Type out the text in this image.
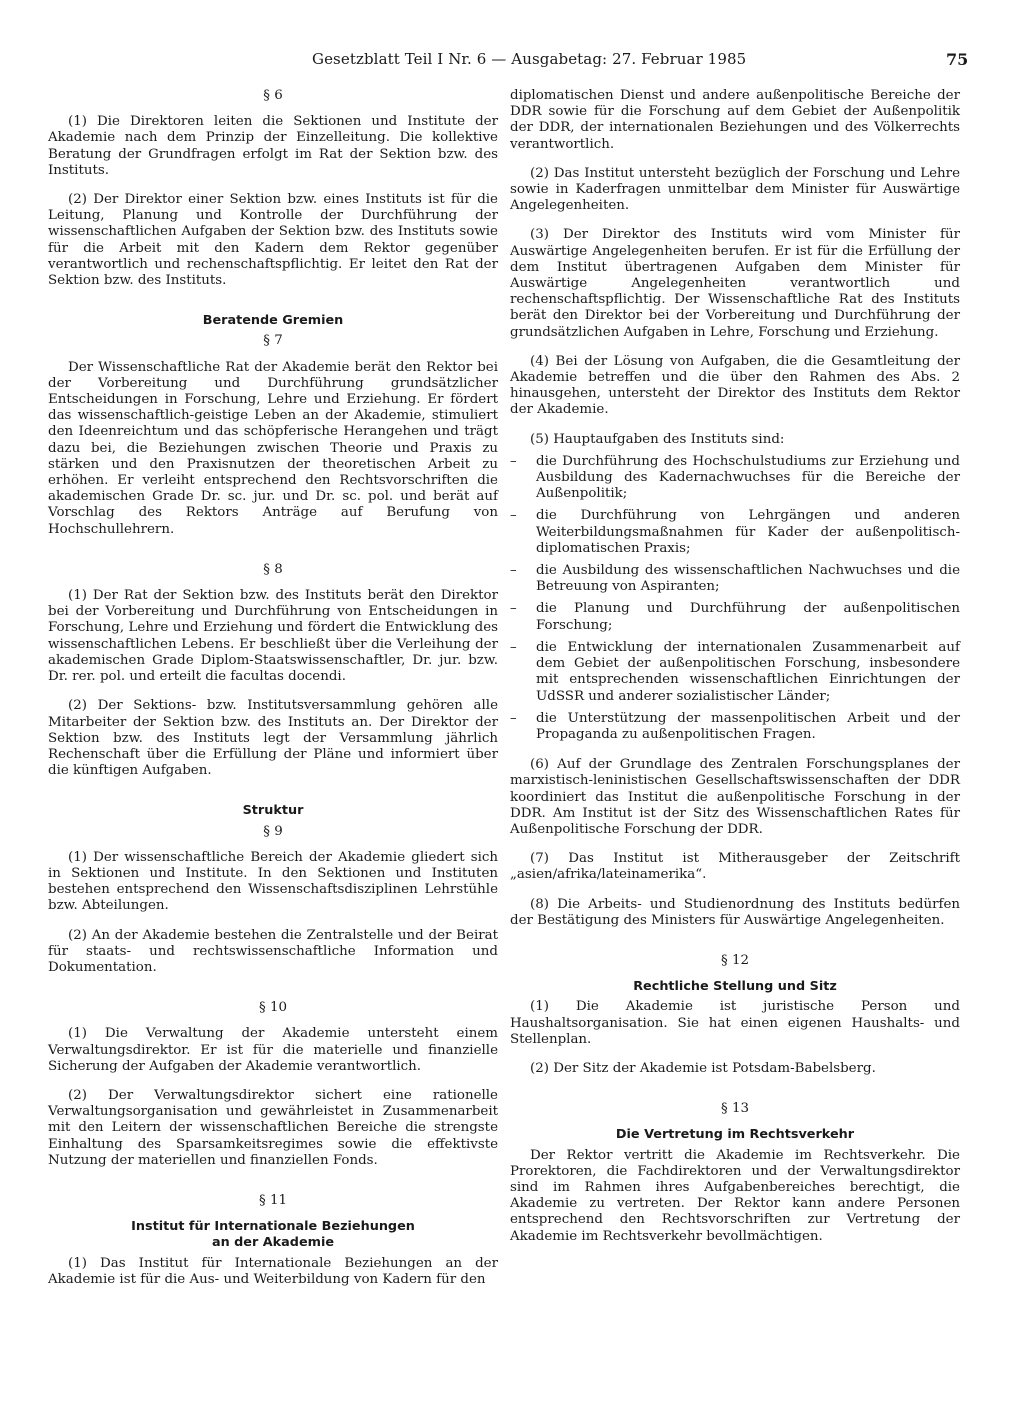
Gesetzblatt Teil I Nr. 6 — Ausgabetag: 27. Februar 1985	75
§ 6

(1) Die Direktoren leiten die Sektionen und Institute der Akademie nach dem Prinzip der Einzelleitung. Die kollektive Beratung der Grundfragen erfolgt im Rat der Sektion bzw. des Instituts.

(2) Der Direktor einer Sektion bzw. eines Instituts ist für die Leitung, Planung und Kontrolle der Durchführung der wissenschaftlichen Aufgaben der Sektion bzw. des Instituts sowie für die Arbeit mit den Kadern dem Rektor gegenüber verantwortlich und rechenschaftspflichtig. Er leitet den Rat der Sektion bzw. des Instituts.

Beratende Gremien
§ 7

Der Wissenschaftliche Rat der Akademie berät den Rektor bei der Vorbereitung und Durchführung grundsätzlicher Entscheidungen in Forschung, Lehre und Erziehung. Er fördert das wissenschaftlich-geistige Leben an der Akademie, stimuliert den Ideenreichtum und das schöpferische Herangehen und trägt dazu bei, die Beziehungen zwischen Theorie und Praxis zu stärken und den Praxisnutzen der theoretischen Arbeit zu erhöhen. Er verleiht entsprechend den Rechtsvorschriften die akademischen Grade Dr. sc. jur. und Dr. sc. pol. und berät auf Vorschlag des Rektors Anträge auf Berufung von Hochschullehrern.

§ 8

(1) Der Rat der Sektion bzw. des Instituts berät den Direktor bei der Vorbereitung und Durchführung von Entscheidungen in Forschung, Lehre und Erziehung und fördert die Entwicklung des wissenschaftlichen Lebens. Er beschließt über die Verleihung der akademischen Grade Diplom-Staatswissenschaftler, Dr. jur. bzw. Dr. rer. pol. und erteilt die facultas docendi.

(2) Der Sektions- bzw. Institutsversammlung gehören alle Mitarbeiter der Sektion bzw. des Instituts an. Der Direktor der Sektion bzw. des Instituts legt der Versammlung jährlich Rechenschaft über die Erfüllung der Pläne und informiert über die künftigen Aufgaben.

Struktur
§ 9

(1) Der wissenschaftliche Bereich der Akademie gliedert sich in Sektionen und Institute. In den Sektionen und Instituten bestehen entsprechend den Wissenschaftsdisziplinen Lehrstühle bzw. Abteilungen.

(2) An der Akademie bestehen die Zentralstelle und der Beirat für staats- und rechtswissenschaftliche Information und Dokumentation.

§ 10

(1) Die Verwaltung der Akademie untersteht einem Verwaltungsdirektor. Er ist für die materielle und finanzielle Sicherung der Aufgaben der Akademie verantwortlich.

(2) Der Verwaltungsdirektor sichert eine rationelle Verwaltungsorganisation und gewährleistet in Zusammenarbeit mit den Leitern der wissenschaftlichen Bereiche die strengste Einhaltung des Sparsamkeitsregimes sowie die effektivste Nutzung der materiellen und finanziellen Fonds.

§ 11
Institut für Internationale Beziehungen
an der Akademie

(1) Das Institut für Internationale Beziehungen an der Akademie ist für die Aus- und Weiterbildung von Kadern für den

diplomatischen Dienst und andere außenpolitische Bereiche der DDR sowie für die Forschung auf dem Gebiet der Außenpolitik der DDR, der internationalen Beziehungen und des Völkerrechts verantwortlich.

(2) Das Institut untersteht bezüglich der Forschung und Lehre sowie in Kaderfragen unmittelbar dem Minister für Auswärtige Angelegenheiten.

(3) Der Direktor des Instituts wird vom Minister für Auswärtige Angelegenheiten berufen. Er ist für die Erfüllung der dem Institut übertragenen Aufgaben dem Minister für Auswärtige Angelegenheiten verantwortlich und rechenschaftspflichtig. Der Wissenschaftliche Rat des Instituts berät den Direktor bei der Vorbereitung und Durchführung der grundsätzlichen Aufgaben in Lehre, Forschung und Erziehung.

(4) Bei der Lösung von Aufgaben, die die Gesamtleitung der Akademie betreffen und die über den Rahmen des Abs. 2 hinausgehen, untersteht der Direktor des Instituts dem Rektor der Akademie.

(5) Hauptaufgaben des Instituts sind:

– die Durchführung des Hochschulstudiums zur Erziehung und Ausbildung des Kadernachwuchses für die Bereiche der Außenpolitik;
– die Durchführung von Lehrgängen und anderen Weiterbildungsmaßnahmen für Kader der außenpolitisch-diplomatischen Praxis;
– die Ausbildung des wissenschaftlichen Nachwuchses und die Betreuung von Aspiranten;
– die Planung und Durchführung der außenpolitischen Forschung;
– die Entwicklung der internationalen Zusammenarbeit auf dem Gebiet der außenpolitischen Forschung, insbesondere mit entsprechenden wissenschaftlichen Einrichtungen der UdSSR und anderer sozialistischer Länder;
– die Unterstützung der massenpolitischen Arbeit und der Propaganda zu außenpolitischen Fragen.

(6) Auf der Grundlage des Zentralen Forschungsplanes der marxistisch-leninistischen Gesellschaftswissenschaften der DDR koordiniert das Institut die außenpolitische Forschung in der DDR. Am Institut ist der Sitz des Wissenschaftlichen Rates für Außenpolitische Forschung der DDR.

(7) Das Institut ist Mitherausgeber der Zeitschrift „asien/afrika/lateinamerika“.

(8) Die Arbeits- und Studienordnung des Instituts bedürfen der Bestätigung des Ministers für Auswärtige Angelegenheiten.

§ 12
Rechtliche Stellung und Sitz

(1) Die Akademie ist juristische Person und Haushaltsorganisation. Sie hat einen eigenen Haushalts- und Stellenplan.

(2) Der Sitz der Akademie ist Potsdam-Babelsberg.

§ 13
Die Vertretung im Rechtsverkehr

Der Rektor vertritt die Akademie im Rechtsverkehr. Die Prorektoren, die Fachdirektoren und der Verwaltungsdirektor sind im Rahmen ihres Aufgabenbereiches berechtigt, die Akademie zu vertreten. Der Rektor kann andere Personen entsprechend den Rechtsvorschriften zur Vertretung der Akademie im Rechtsverkehr bevollmächtigen.
